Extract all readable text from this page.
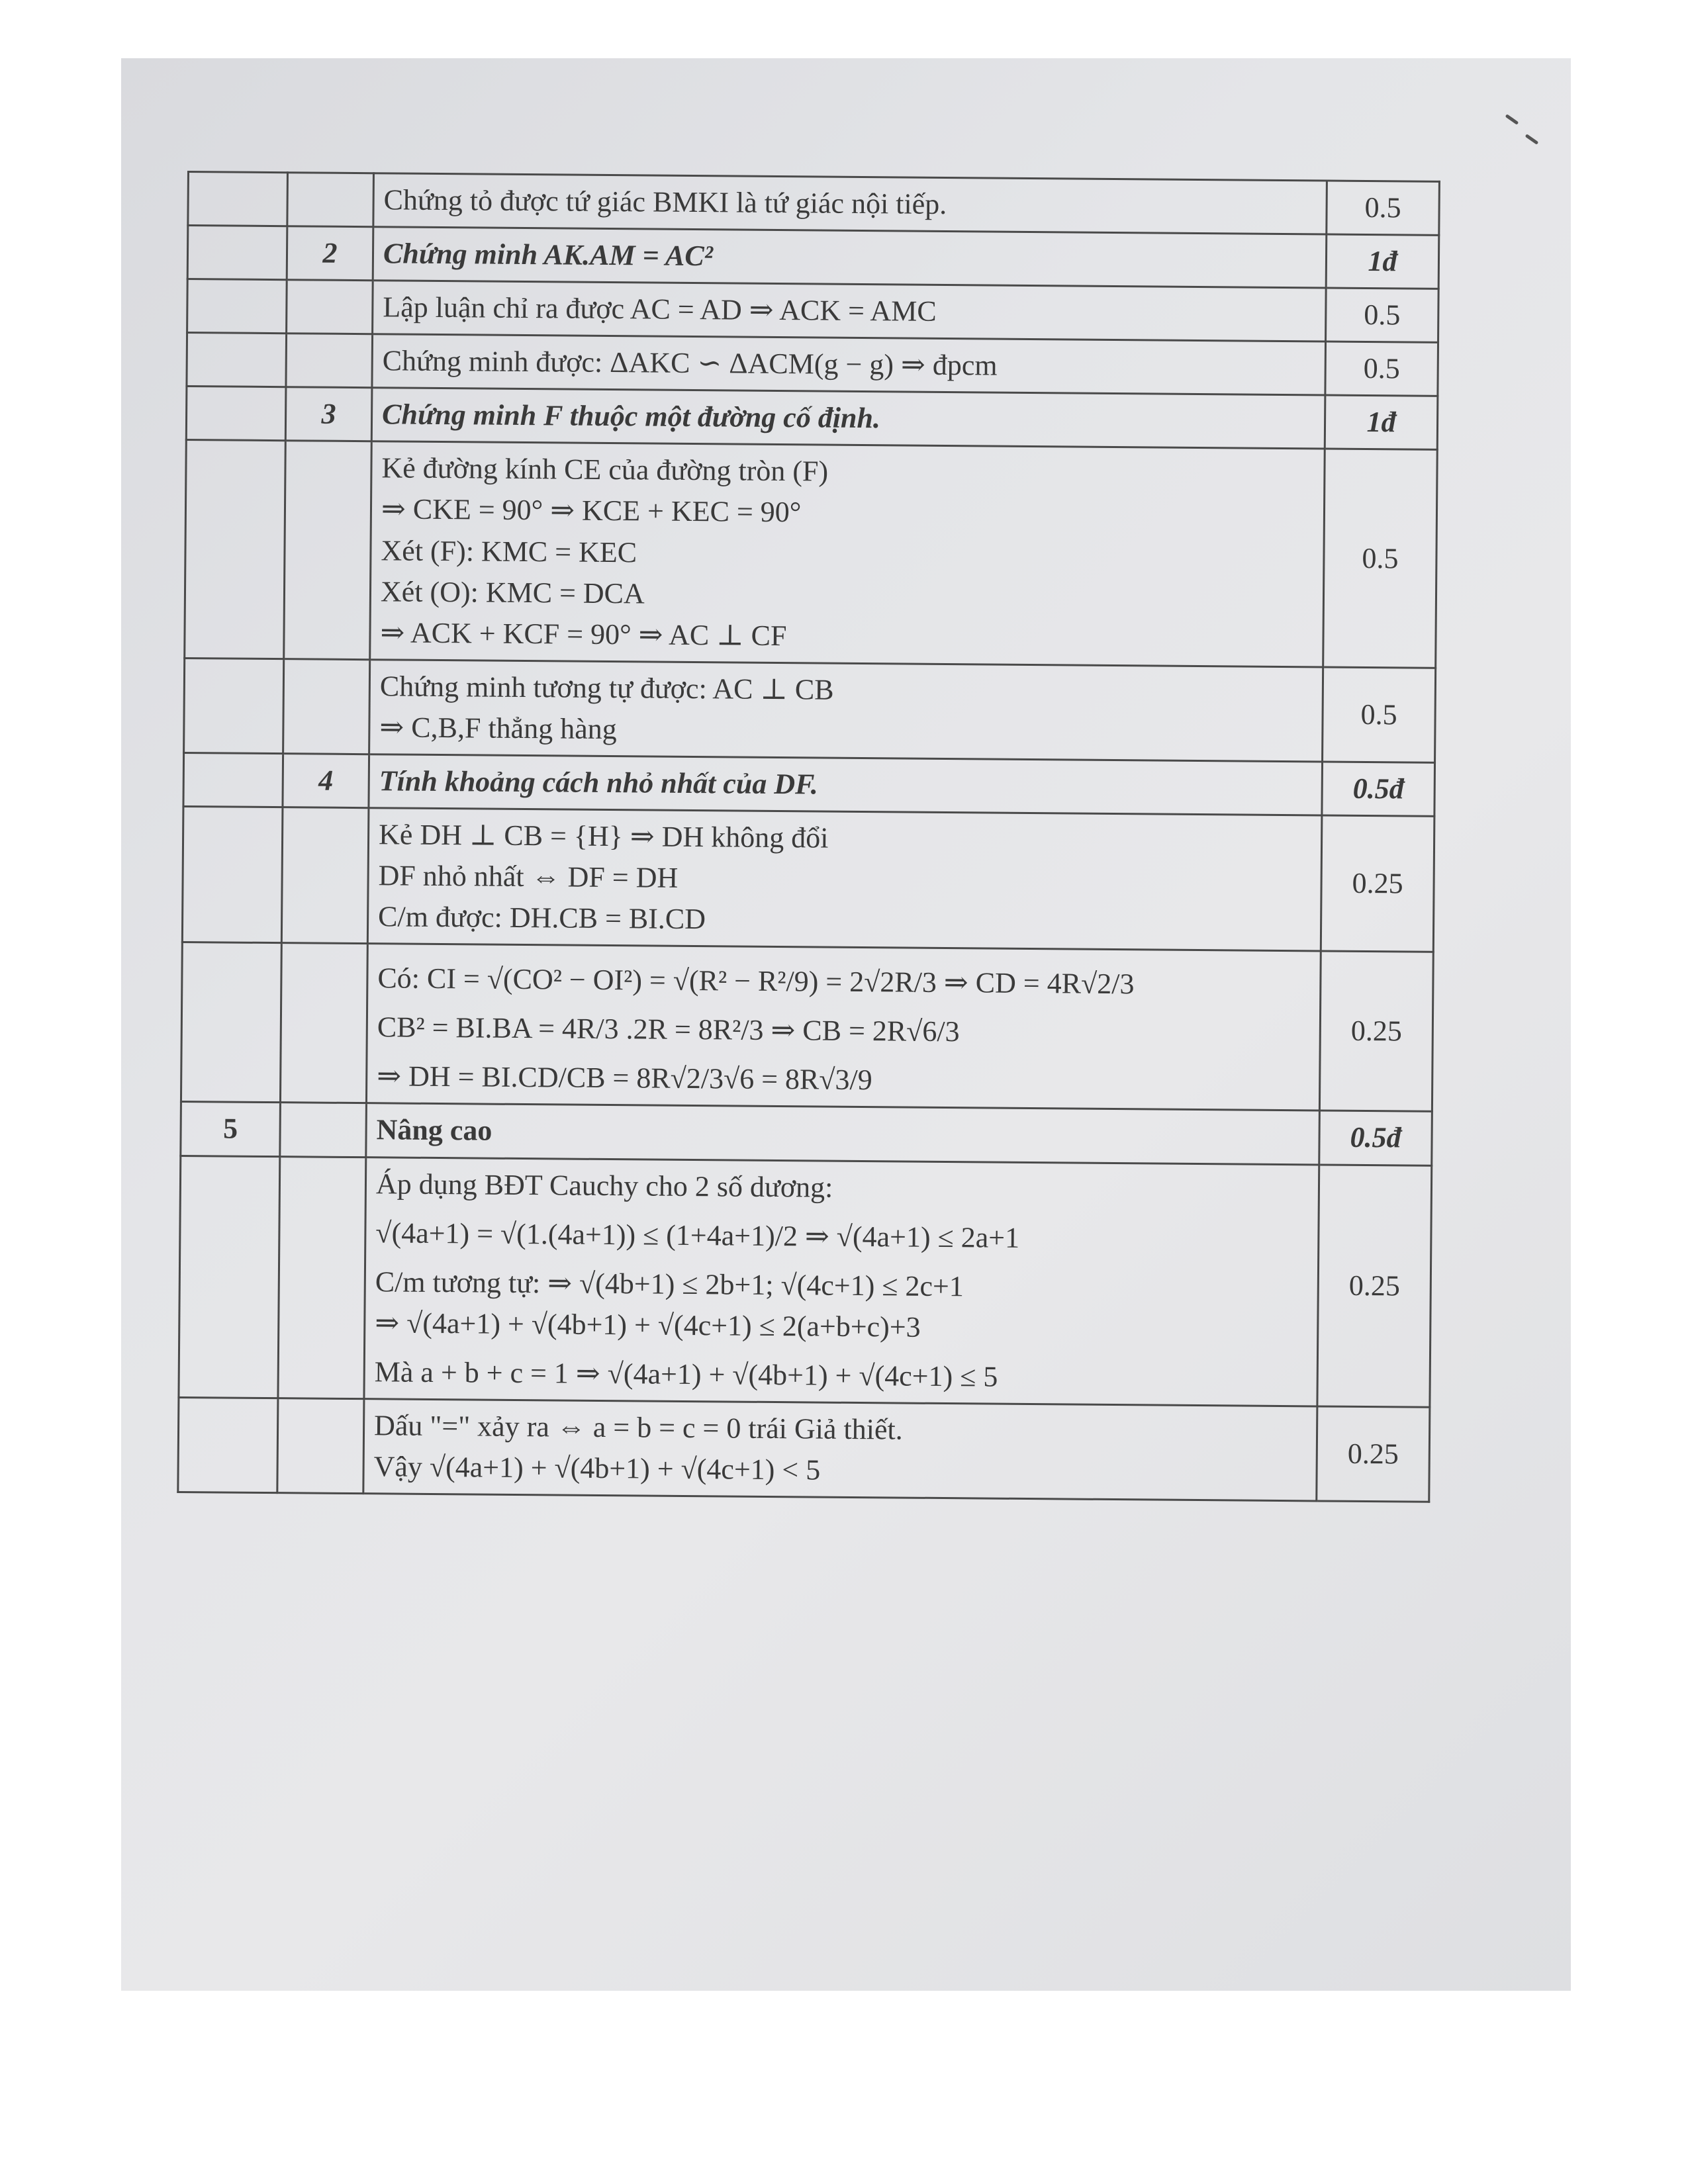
		Chứng tỏ được tứ giác BMKI là tứ giác nội tiếp.	0.5
	2	Chứng minh AK.AM = AC²	1đ

		Lập luận chỉ ra được AC = AD ⇒ ACK = AMC	0.5

		Chứng minh được: ΔAKC ∽ ΔACM(g − g) ⇒ đpcm	0.5
	3	Chứng minh F thuộc một đường cố định.	1đ

		Kẻ đường kính CE của đường tròn (F)
⇒ CKE = 90° ⇒ KCE + KEC = 90°
Xét (F): KMC = KEC
Xét (O): KMC = DCA
⇒ ACK + KCF = 90° ⇒ AC ⊥ CF	0.5

		Chứng minh tương tự được: AC ⊥ CB
⇒ C,B,F thẳng hàng	0.5
	4	Tính khoảng cách nhỏ nhất của DF.	0.5đ

		Kẻ DH ⊥ CB = {H} ⇒ DH không đổi
DF nhỏ nhất ⇔ DF = DH
C/m được: DH.CB = BI.CD	0.25

		Có: CI = √(CO² − OI²) = √(R² − R²/9) = 2√2R/3 ⇒ CD = 4R√2/3
CB² = BI.BA = 4R/3 .2R = 8R²/3 ⇒ CB = 2R√6/3
⇒ DH = BI.CD/CB = 8R√2/3√6 = 8R√3/9	0.25
5		Nâng cao	0.5đ

		Áp dụng BĐT Cauchy cho 2 số dương:
√(4a+1) = √(1.(4a+1)) ≤ (1+4a+1)/2 ⇒ √(4a+1) ≤ 2a+1
C/m tương tự: ⇒ √(4b+1) ≤ 2b+1; √(4c+1) ≤ 2c+1
⇒ √(4a+1) + √(4b+1) + √(4c+1) ≤ 2(a+b+c)+3
Mà a + b + c = 1 ⇒ √(4a+1) + √(4b+1) + √(4c+1) ≤ 5	0.25

		Dấu "=" xảy ra ⇔ a = b = c = 0 trái Giả thiết.
Vậy √(4a+1) + √(4b+1) + √(4c+1) < 5	0.25
